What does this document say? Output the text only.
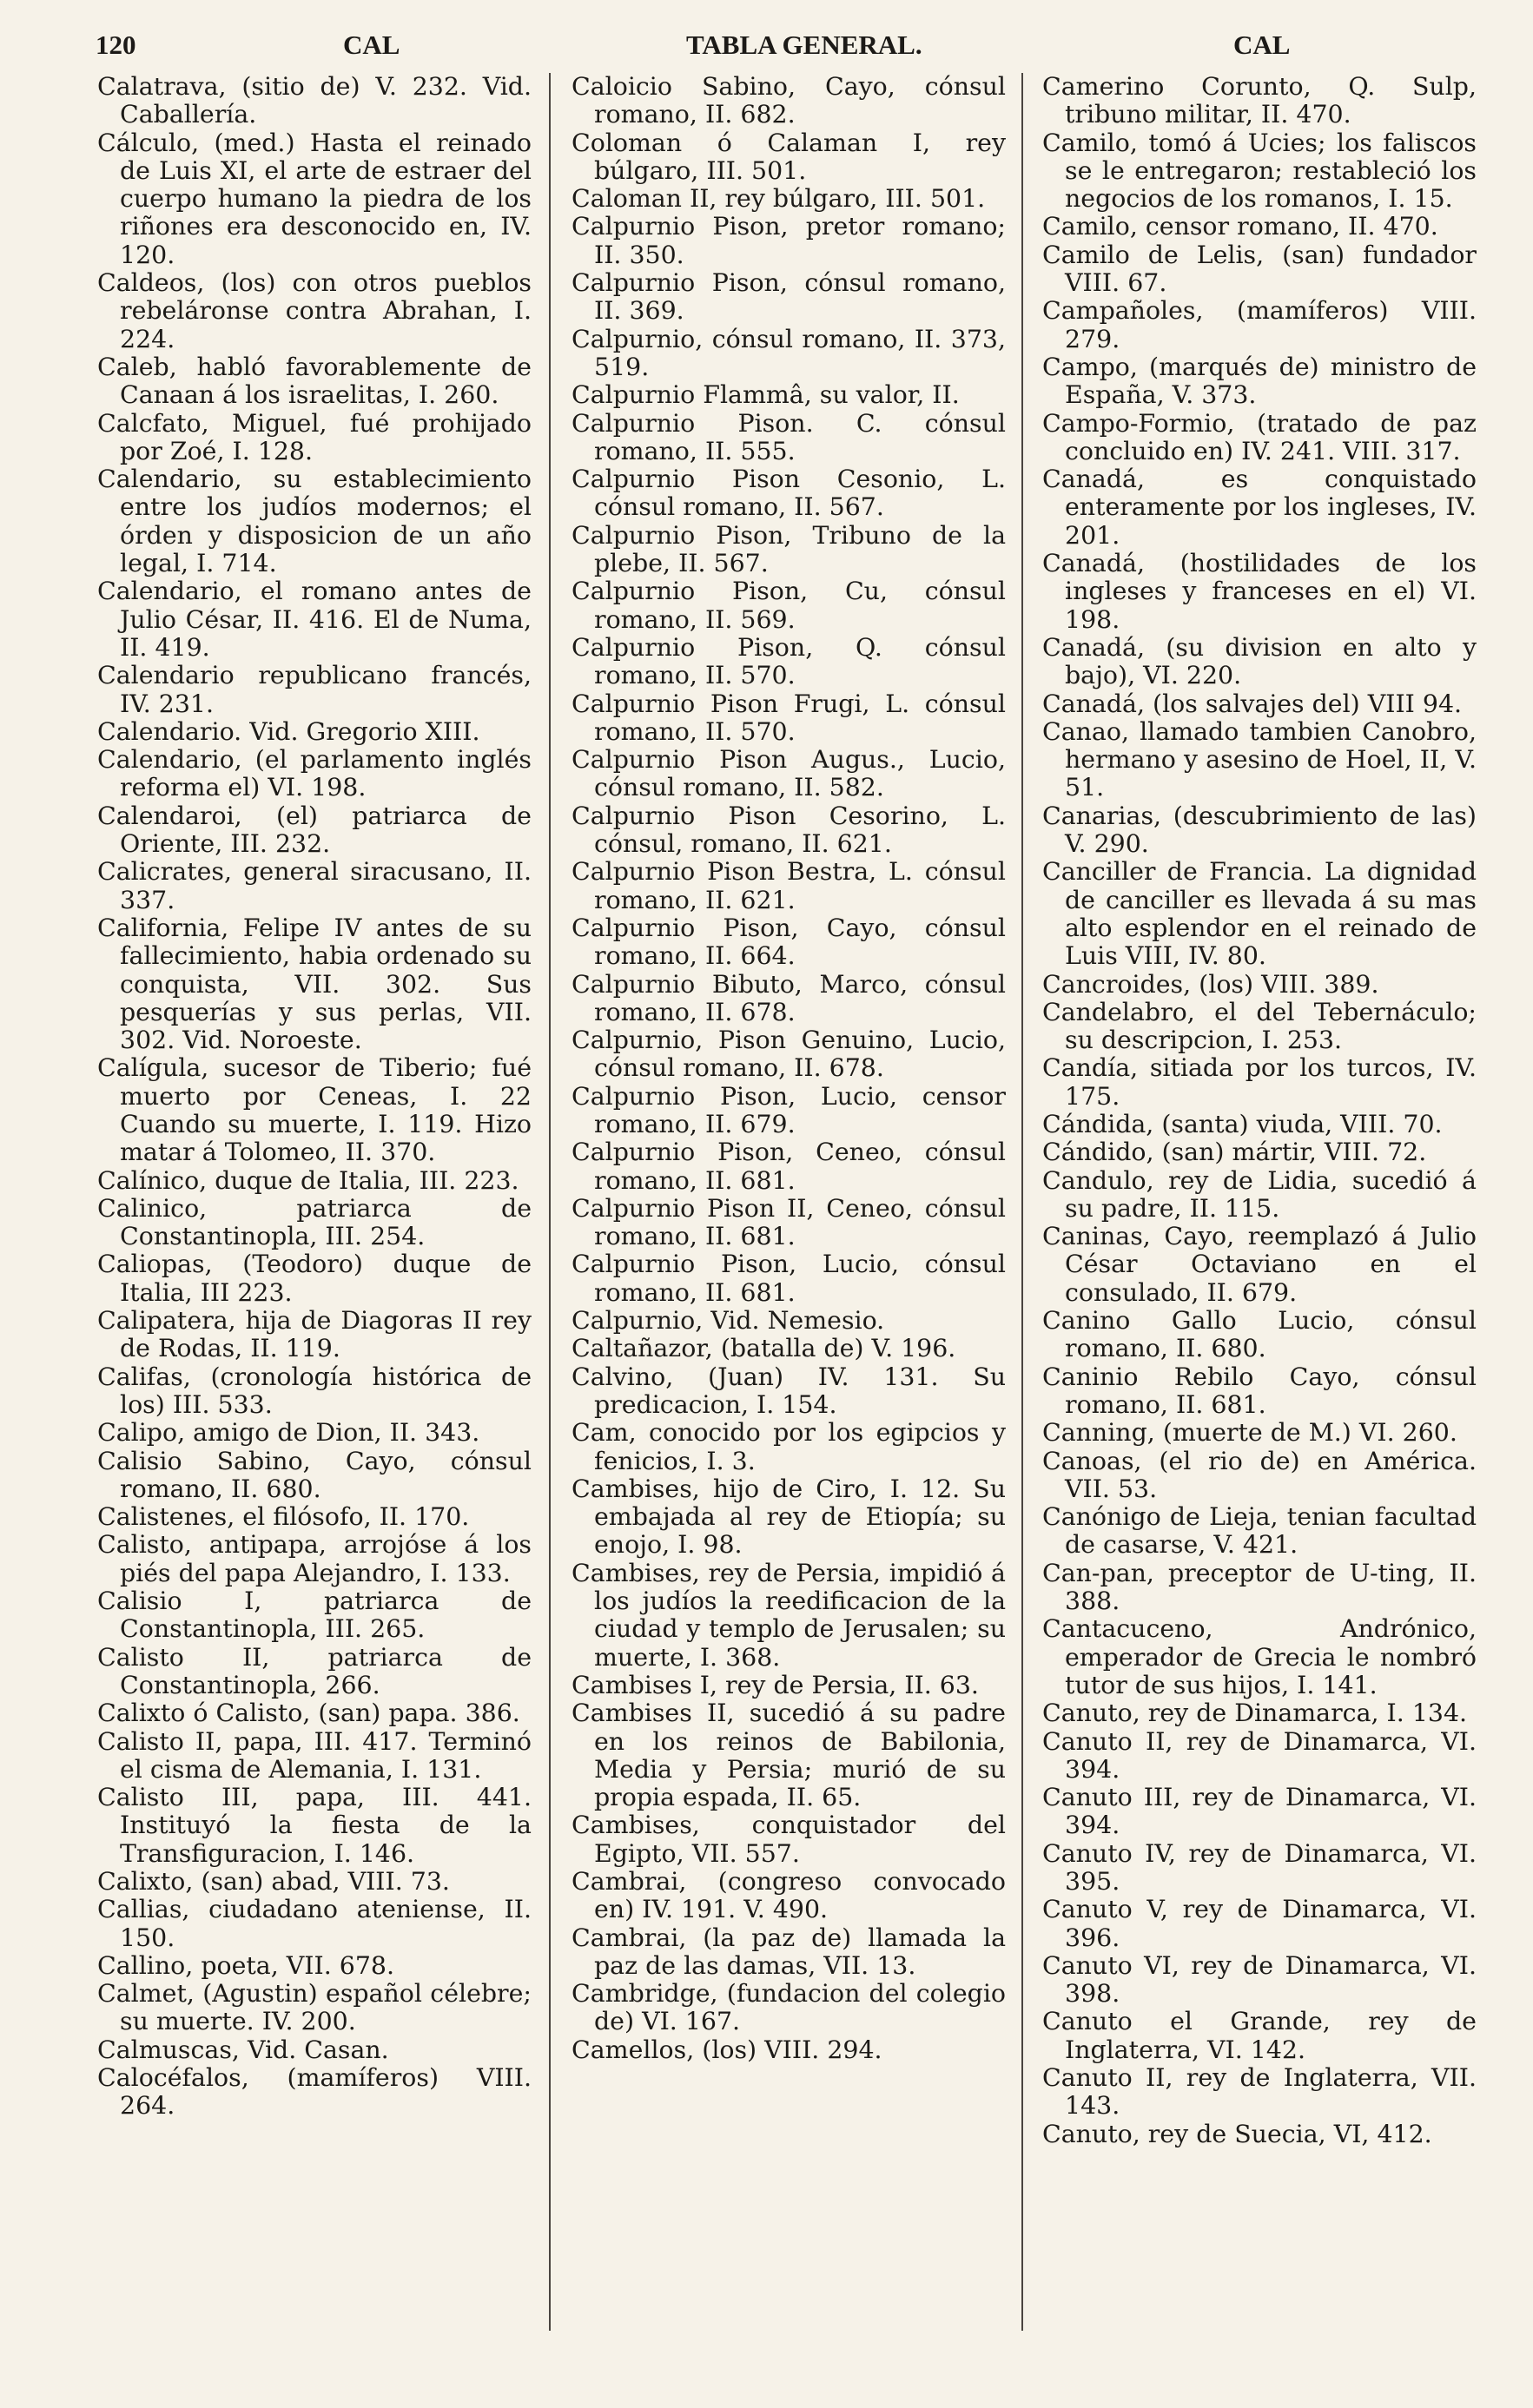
120	CAL	TABLA GENERAL.	CAL
Calatrava, (sitio de) V. 232. Vid. Caballería.
Cálculo, (med.) Hasta el reinado de Luis XI, el arte de estraer del cuerpo humano la piedra de los riñones era desconocido en, IV. 120.
Caldeos, (los) con otros pueblos rebeláronse contra Abrahan, I. 224.
Caleb, habló favorablemente de Canaan á los israelitas, I. 260.
Calcfato, Miguel, fué prohijado por Zoé, I. 128.
Calendario, su establecimiento entre los judíos modernos; el órden y disposicion de un año legal, I. 714.
Calendario, el romano antes de Julio César, II. 416. El de Numa, II. 419.
Calendario republicano francés, IV. 231.
Calendario. Vid. Gregorio XIII.
Calendario, (el parlamento inglés reforma el) VI. 198.
Calendaroi, (el) patriarca de Oriente, III. 232.
Calicrates, general siracusano, II. 337.
California, Felipe IV antes de su fallecimiento, habia ordenado su conquista, VII. 302. Sus pesquerías y sus perlas, VII. 302. Vid. Noroeste.
Calígula, sucesor de Tiberio; fué muerto por Ceneas, I. 22 Cuando su muerte, I. 119. Hizo matar á Tolomeo, II. 370.
Calínico, duque de Italia, III. 223.
Calinico, patriarca de Constantinopla, III. 254.
Caliopas, (Teodoro) duque de Italia, III 223.
Calipatera, hija de Diagoras II rey de Rodas, II. 119.
Califas, (cronología histórica de los) III. 533.
Calipo, amigo de Dion, II. 343.
Calisio Sabino, Cayo, cónsul romano, II. 680.
Calistenes, el filósofo, II. 170.
Calisto, antipapa, arrojóse á los piés del papa Alejandro, I. 133.
Calisio I, patriarca de Constantinopla, III. 265.
Calisto II, patriarca de Constantinopla, 266.
Calixto ó Calisto, (san) papa. 386.
Calisto II, papa, III. 417. Terminó el cisma de Alemania, I. 131.
Calisto III, papa, III. 441. Instituyó la fiesta de la Transfiguracion, I. 146.
Calixto, (san) abad, VIII. 73.
Callias, ciudadano ateniense, II. 150.
Callino, poeta, VII. 678.
Calmet, (Agustin) español célebre; su muerte. IV. 200.
Calmuscas, Vid. Casan.
Calocéfalos, (mamíferos) VIII. 264.
Caloicio Sabino, Cayo, cónsul romano, II. 682.
Coloman ó Calaman I, rey búlgaro, III. 501.
Caloman II, rey búlgaro, III. 501.
Calpurnio Pison, pretor romano; II. 350.
Calpurnio Pison, cónsul romano, II. 369.
Calpurnio, cónsul romano, II. 373, 519.
Calpurnio Flammâ, su valor, II.
Calpurnio Pison. C. cónsul romano, II. 555.
Calpurnio Pison Cesonio, L. cónsul romano, II. 567.
Calpurnio Pison, Tribuno de la plebe, II. 567.
Calpurnio Pison, Cu, cónsul romano, II. 569.
Calpurnio Pison, Q. cónsul romano, II. 570.
Calpurnio Pison Frugi, L. cónsul romano, II. 570.
Calpurnio Pison Augus., Lucio, cónsul romano, II. 582.
Calpurnio Pison Cesorino, L. cónsul, romano, II. 621.
Calpurnio Pison Bestra, L. cónsul romano, II. 621.
Calpurnio Pison, Cayo, cónsul romano, II. 664.
Calpurnio Bibuto, Marco, cónsul romano, II. 678.
Calpurnio, Pison Genuino, Lucio, cónsul romano, II. 678.
Calpurnio Pison, Lucio, censor romano, II. 679.
Calpurnio Pison, Ceneo, cónsul romano, II. 681.
Calpurnio Pison II, Ceneo, cónsul romano, II. 681.
Calpurnio Pison, Lucio, cónsul romano, II. 681.
Calpurnio, Vid. Nemesio.
Caltañazor, (batalla de) V. 196.
Calvino, (Juan) IV. 131. Su predicacion, I. 154.
Cam, conocido por los egipcios y fenicios, I. 3.
Cambises, hijo de Ciro, I. 12. Su embajada al rey de Etiopía; su enojo, I. 98.
Cambises, rey de Persia, impidió á los judíos la reedificacion de la ciudad y templo de Jerusalen; su muerte, I. 368.
Cambises I, rey de Persia, II. 63.
Cambises II, sucedió á su padre en los reinos de Babilonia, Media y Persia; murió de su propia espada, II. 65.
Cambises, conquistador del Egipto, VII. 557.
Cambrai, (congreso convocado en) IV. 191. V. 490.
Cambrai, (la paz de) llamada la paz de las damas, VII. 13.
Cambridge, (fundacion del colegio de) VI. 167.
Camellos, (los) VIII. 294.
Camerino Corunto, Q. Sulp, tribuno militar, II. 470.
Camilo, tomó á Ucies; los faliscos se le entregaron; restableció los negocios de los romanos, I. 15.
Camilo, censor romano, II. 470.
Camilo de Lelis, (san) fundador VIII. 67.
Campañoles, (mamíferos) VIII. 279.
Campo, (marqués de) ministro de España, V. 373.
Campo-Formio, (tratado de paz concluido en) IV. 241. VIII. 317.
Canadá, es conquistado enteramente por los ingleses, IV. 201.
Canadá, (hostilidades de los ingleses y franceses en el) VI. 198.
Canadá, (su division en alto y bajo), VI. 220.
Canadá, (los salvajes del) VIII 94.
Canao, llamado tambien Canobro, hermano y asesino de Hoel, II, V. 51.
Canarias, (descubrimiento de las) V. 290.
Canciller de Francia. La dignidad de canciller es llevada á su mas alto esplendor en el reinado de Luis VIII, IV. 80.
Cancroides, (los) VIII. 389.
Candelabro, el del Tebernáculo; su descripcion, I. 253.
Candía, sitiada por los turcos, IV. 175.
Cándida, (santa) viuda, VIII. 70.
Cándido, (san) mártir, VIII. 72.
Candulo, rey de Lidia, sucedió á su padre, II. 115.
Caninas, Cayo, reemplazó á Julio César Octaviano en el consulado, II. 679.
Canino Gallo Lucio, cónsul romano, II. 680.
Caninio Rebilo Cayo, cónsul romano, II. 681.
Canning, (muerte de M.) VI. 260.
Canoas, (el rio de) en América. VII. 53.
Canónigo de Lieja, tenian facultad de casarse, V. 421.
Can-pan, preceptor de U-ting, II. 388.
Cantacuceno, Andrónico, emperador de Grecia le nombró tutor de sus hijos, I. 141.
Canuto, rey de Dinamarca, I. 134.
Canuto II, rey de Dinamarca, VI. 394.
Canuto III, rey de Dinamarca, VI. 394.
Canuto IV, rey de Dinamarca, VI. 395.
Canuto V, rey de Dinamarca, VI. 396.
Canuto VI, rey de Dinamarca, VI. 398.
Canuto el Grande, rey de Inglaterra, VI. 142.
Canuto II, rey de Inglaterra, VII. 143.
Canuto, rey de Suecia, VI, 412.
